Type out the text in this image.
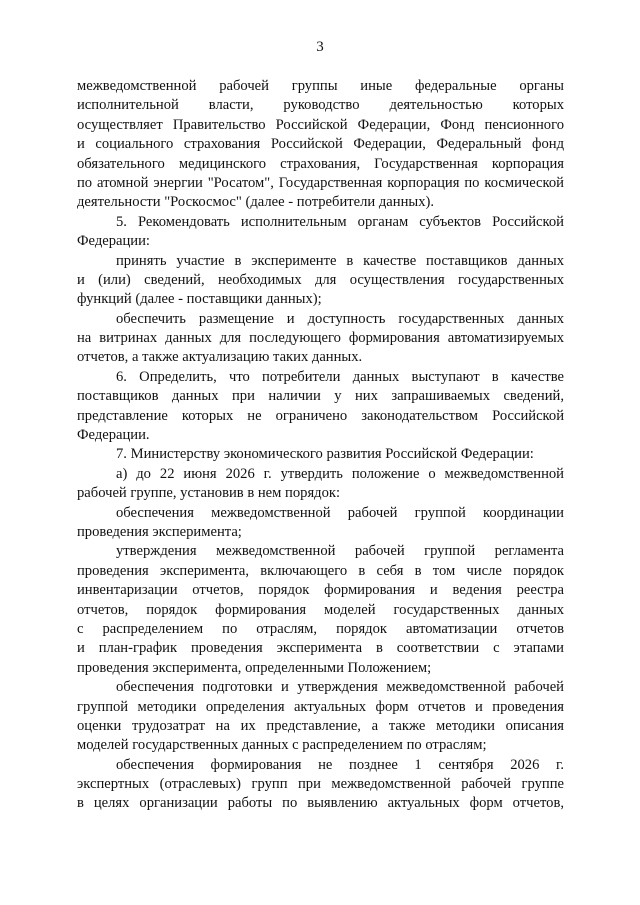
3
межведомственной рабочей группы иные федеральные органы
исполнительной власти, руководство деятельностью которых
осуществляет Правительство Российской Федерации, Фонд пенсионного
и социального страхования Российской Федерации, Федеральный фонд
обязательного медицинского страхования, Государственная корпорация
по атомной энергии "Росатом", Государственная корпорация по космической
деятельности "Роскосмос" (далее - потребители данных).
5. Рекомендовать исполнительным органам субъектов Российской
Федерации:
принять участие в эксперименте в качестве поставщиков данных
и (или) сведений, необходимых для осуществления государственных
функций (далее - поставщики данных);
обеспечить размещение и доступность государственных данных
на витринах данных для последующего формирования автоматизируемых
отчетов, а также актуализацию таких данных.
6. Определить, что потребители данных выступают в качестве
поставщиков данных при наличии у них запрашиваемых сведений,
представление которых не ограничено законодательством Российской
Федерации.
7. Министерству экономического развития Российской Федерации:
а) до 22 июня 2026 г. утвердить положение о межведомственной
рабочей группе, установив в нем порядок:
обеспечения межведомственной рабочей группой координации
проведения эксперимента;
утверждения межведомственной рабочей группой регламента
проведения эксперимента, включающего в себя в том числе порядок
инвентаризации отчетов, порядок формирования и ведения реестра
отчетов, порядок формирования моделей государственных данных
с распределением по отраслям, порядок автоматизации отчетов
и план-график проведения эксперимента в соответствии с этапами
проведения эксперимента, определенными Положением;
обеспечения подготовки и утверждения межведомственной рабочей
группой методики определения актуальных форм отчетов и проведения
оценки трудозатрат на их представление, а также методики описания
моделей государственных данных с распределением по отраслям;
обеспечения формирования не позднее 1 сентября 2026 г.
экспертных (отраслевых) групп при межведомственной рабочей группе
в целях организации работы по выявлению актуальных форм отчетов,
